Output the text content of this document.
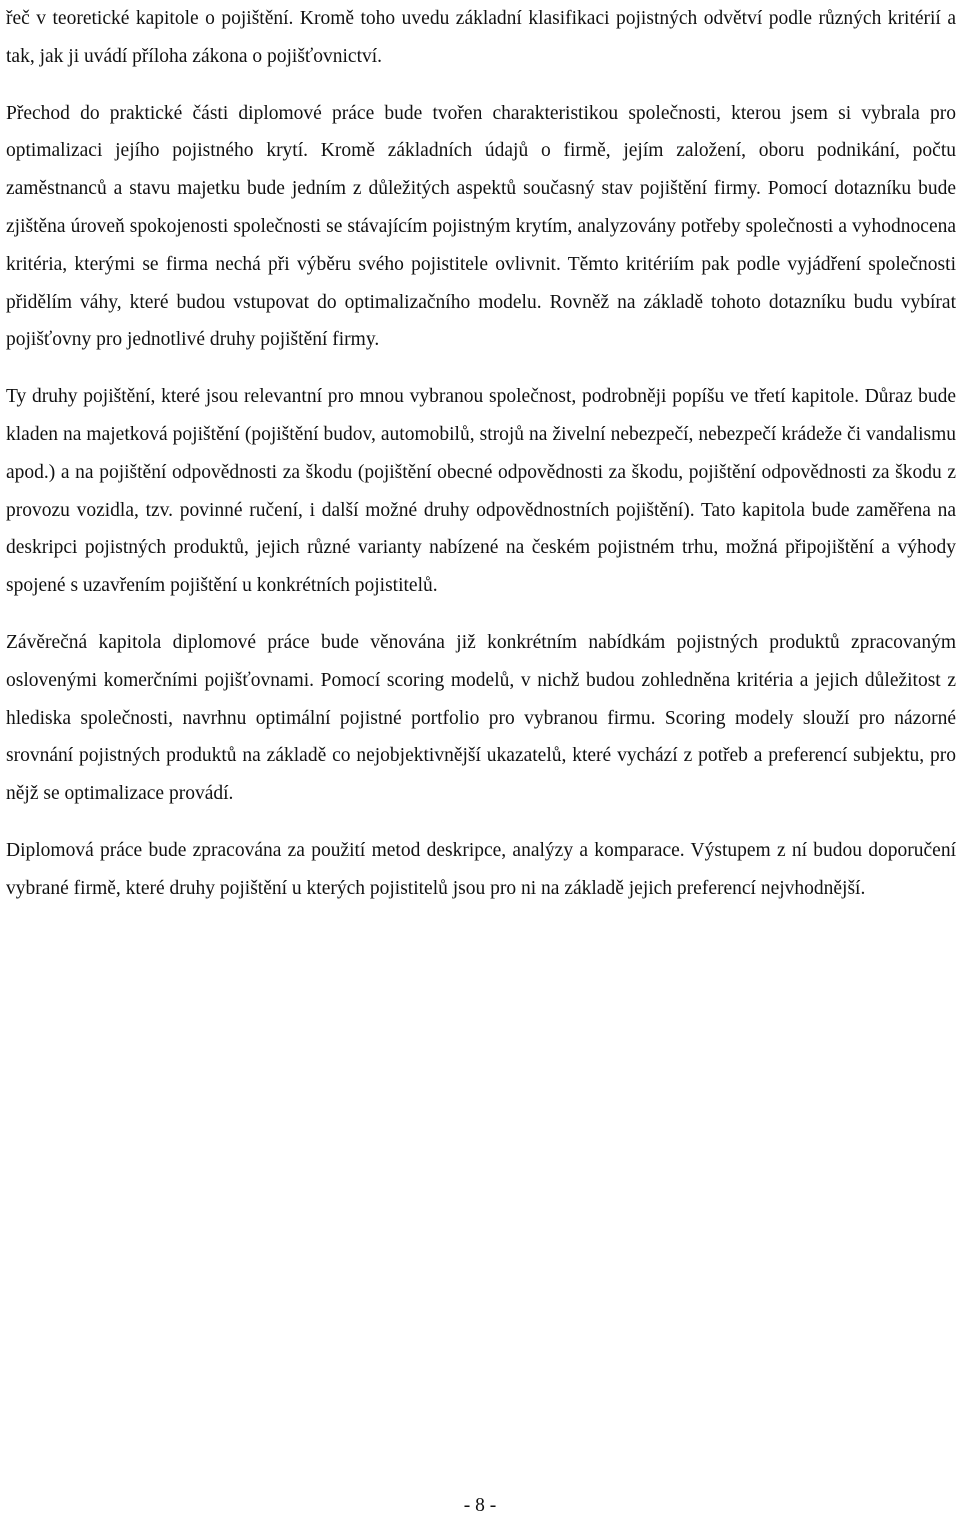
řeč v teoretické kapitole o pojištění. Kromě toho uvedu základní klasifikaci pojistných odvětví podle různých kritérií a tak, jak ji uvádí příloha zákona o pojišťovnictví.

Přechod do praktické části diplomové práce bude tvořen charakteristikou společnosti, kterou jsem si vybrala pro optimalizaci jejího pojistného krytí. Kromě základních údajů o firmě, jejím založení, oboru podnikání, počtu zaměstnanců a stavu majetku bude jedním z důležitých aspektů současný stav pojištění firmy. Pomocí dotazníku bude zjištěna úroveň spokojenosti společnosti se stávajícím pojistným krytím, analyzovány potřeby společnosti a vyhodnocena kritéria, kterými se firma nechá při výběru svého pojistitele ovlivnit. Těmto kritériím pak podle vyjádření společnosti přidělím váhy, které budou vstupovat do optimalizačního modelu. Rovněž na základě tohoto dotazníku budu vybírat pojišťovny pro jednotlivé druhy pojištění firmy.

Ty druhy pojištění, které jsou relevantní pro mnou vybranou společnost, podrobněji popíšu ve třetí kapitole. Důraz bude kladen na majetková pojištění (pojištění budov, automobilů, strojů na živelní nebezpečí, nebezpečí krádeže či vandalismu apod.) a na pojištění odpovědnosti za škodu (pojištění obecné odpovědnosti za škodu, pojištění odpovědnosti za škodu z provozu vozidla, tzv. povinné ručení, i další možné druhy odpovědnostních pojištění). Tato kapitola bude zaměřena na deskripci pojistných produktů, jejich různé varianty nabízené na českém pojistném trhu, možná připojištění a výhody spojené s uzavřením pojištění u konkrétních pojistitelů.

Závěrečná kapitola diplomové práce bude věnována již konkrétním nabídkám pojistných produktů zpracovaným oslovenými komerčními pojišťovnami. Pomocí scoring modelů, v nichž budou zohledněna kritéria a jejich důležitost z hlediska společnosti, navrhnu optimální pojistné portfolio pro vybranou firmu. Scoring modely slouží pro názorné srovnání pojistných produktů na základě co nejobjektivnější ukazatelů, které vychází z potřeb a preferencí subjektu, pro nějž se optimalizace provádí.

Diplomová práce bude zpracována za použití metod deskripce, analýzy a komparace. Výstupem z ní budou doporučení vybrané firmě, které druhy pojištění u kterých pojistitelů jsou pro ni na základě jejich preferencí nejvhodnější.

- 8 -
